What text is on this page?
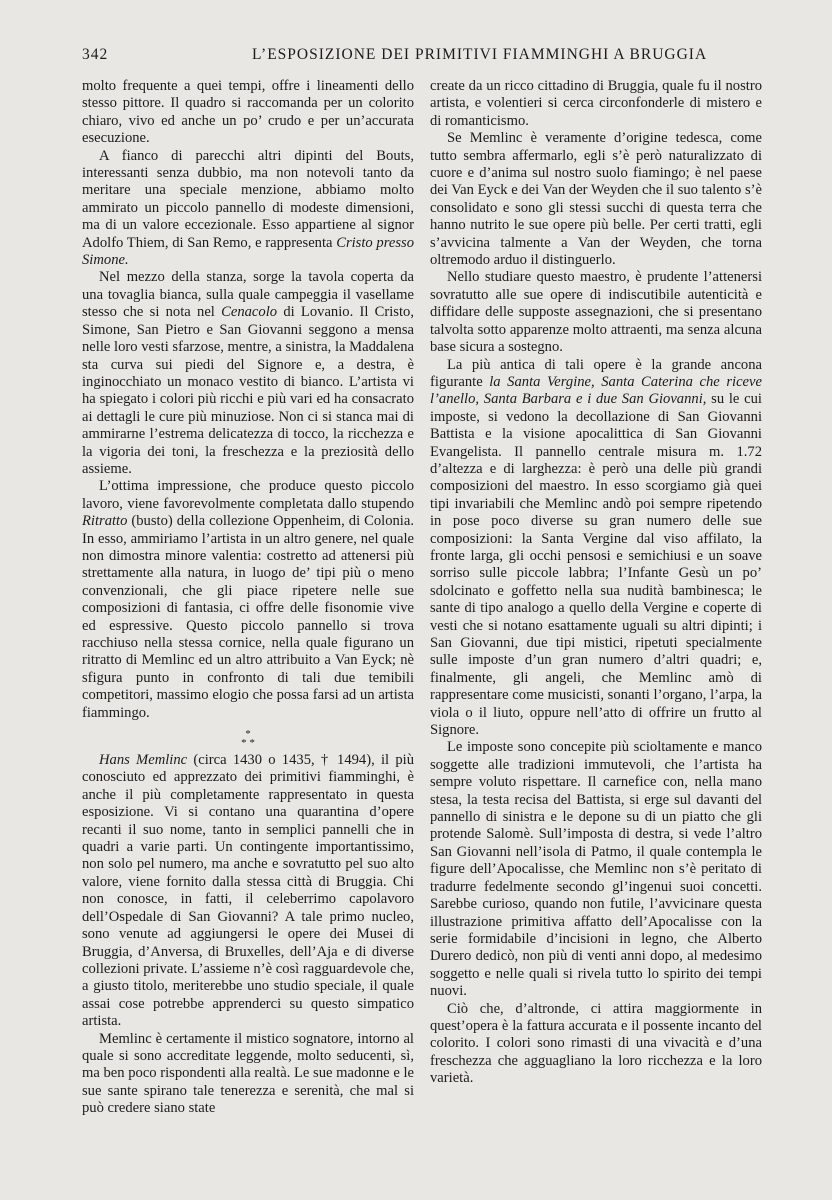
342	L’ESPOSIZIONE DEI PRIMITIVI FIAMMINGHI A BRUGGIA

molto frequente a quei tempi, offre i lineamenti dello stesso pittore. Il quadro si raccomanda per un colorito chiaro, vivo ed anche un po’ crudo e per un’accurata esecuzione.

A fianco di parecchi altri dipinti del Bouts, interessanti senza dubbio, ma non notevoli tanto da meritare una speciale menzione, abbiamo molto ammirato un piccolo pannello di modeste dimensioni, ma di un valore eccezionale. Esso appartiene al signor Adolfo Thiem, di San Remo, e rappresenta Cristo presso Simone.

Nel mezzo della stanza, sorge la tavola coperta da una tovaglia bianca, sulla quale campeggia il vasellame stesso che si nota nel Cenacolo di Lovanio. Il Cristo, Simone, San Pietro e San Giovanni seggono a mensa nelle loro vesti sfarzose, mentre, a sinistra, la Maddalena sta curva sui piedi del Signore e, a destra, è inginocchiato un monaco vestito di bianco. L’artista vi ha spiegato i colori più ricchi e più vari ed ha consacrato ai dettagli le cure più minuziose. Non ci si stanca mai di ammirarne l’estrema delicatezza di tocco, la ricchezza e la vigoria dei toni, la freschezza e la preziosità dello assieme.

L’ottima impressione, che produce questo piccolo lavoro, viene favorevolmente completata dallo stupendo Ritratto (busto) della collezione Oppenheim, di Colonia. In esso, ammiriamo l’artista in un altro genere, nel quale non dimostra minore valentia: costretto ad attenersi più strettamente alla natura, in luogo de’ tipi più o meno convenzionali, che gli piace ripetere nelle sue composizioni di fantasia, ci offre delle fisonomie vive ed espressive. Questo piccolo pannello si trova racchiuso nella stessa cornice, nella quale figurano un ritratto di Memlinc ed un altro attribuito a Van Eyck; nè sfigura punto in confronto di tali due temibili competitori, massimo elogio che possa farsi ad un artista fiammingo.

*
* *

Hans Memlinc (circa 1430 o 1435, † 1494), il più conosciuto ed apprezzato dei primitivi fiamminghi, è anche il più completamente rappresentato in questa esposizione. Vi si contano una quarantina d’opere recanti il suo nome, tanto in semplici pannelli che in quadri a varie parti. Un contingente importantissimo, non solo pel numero, ma anche e sovratutto pel suo alto valore, viene fornito dalla stessa città di Bruggia. Chi non conosce, in fatti, il celeberrimo capolavoro dell’Ospedale di San Giovanni? A tale primo nucleo, sono venute ad aggiungersi le opere dei Musei di Bruggia, d’Anversa, di Bruxelles, dell’Aja e di diverse collezioni private. L’assieme n’è così ragguardevole che, a giusto titolo, meriterebbe uno studio speciale, il quale assai cose potrebbe apprenderci su questo simpatico artista.

Memlinc è certamente il mistico sognatore, intorno al quale si sono accreditate leggende, molto seducenti, sì, ma ben poco rispondenti alla realtà. Le sue madonne e le sue sante spirano tale tenerezza e serenità, che mal si può credere siano state

create da un ricco cittadino di Bruggia, quale fu il nostro artista, e volentieri si cerca circonfonderle di mistero e di romanticismo.

Se Memlinc è veramente d’origine tedesca, come tutto sembra affermarlo, egli s’è però naturalizzato di cuore e d’anima sul nostro suolo fiamingo; è nel paese dei Van Eyck e dei Van der Weyden che il suo talento s’è consolidato e sono gli stessi succhi di questa terra che hanno nutrito le sue opere più belle. Per certi tratti, egli s’avvicina talmente a Van der Weyden, che torna oltremodo arduo il distinguerlo.

Nello studiare questo maestro, è prudente l’attenersi sovratutto alle sue opere di indiscutibile autenticità e diffidare delle supposte assegnazioni, che si presentano talvolta sotto apparenze molto attraenti, ma senza alcuna base sicura a sostegno.

La più antica di tali opere è la grande ancona figurante la Santa Vergine, Santa Caterina che riceve l’anello, Santa Barbara e i due San Giovanni, su le cui imposte, si vedono la decollazione di San Giovanni Battista e la visione apocalittica di San Giovanni Evangelista. Il pannello centrale misura m. 1.72 d’altezza e di larghezza: è però una delle più grandi composizioni del maestro. In esso scorgiamo già quei tipi invariabili che Memlinc andò poi sempre ripetendo in pose poco diverse su gran numero delle sue composizioni: la Santa Vergine dal viso affilato, la fronte larga, gli occhi pensosi e semichiusi e un soave sorriso sulle piccole labbra; l’Infante Gesù un po’ sdolcinato e goffetto nella sua nudità bambinesca; le sante di tipo analogo a quello della Vergine e coperte di vesti che si notano esattamente uguali su altri dipinti; i San Giovanni, due tipi mistici, ripetuti specialmente sulle imposte d’un gran numero d’altri quadri; e, finalmente, gli angeli, che Memlinc amò di rappresentare come musicisti, sonanti l’organo, l’arpa, la viola o il liuto, oppure nell’atto di offrire un frutto al Signore.

Le imposte sono concepite più scioltamente e manco soggette alle tradizioni immutevoli, che l’artista ha sempre voluto rispettare. Il carnefice con, nella mano stesa, la testa recisa del Battista, si erge sul davanti del pannello di sinistra e le depone su di un piatto che gli protende Salomè. Sull’imposta di destra, si vede l’altro San Giovanni nell’isola di Patmo, il quale contempla le figure dell’Apocalisse, che Memlinc non s’è peritato di tradurre fedelmente secondo gl’ingenui suoi concetti. Sarebbe curioso, quando non futile, l’avvicinare questa illustrazione primitiva affatto dell’Apocalisse con la serie formidabile d’incisioni in legno, che Alberto Durero dedicò, non più di venti anni dopo, al medesimo soggetto e nelle quali si rivela tutto lo spirito dei tempi nuovi.

Ciò che, d’altronde, ci attira maggiormente in quest’opera è la fattura accurata e il possente incanto del colorito. I colori sono rimasti di una vivacità e d’una freschezza che agguagliano la loro ricchezza e la loro varietà.
